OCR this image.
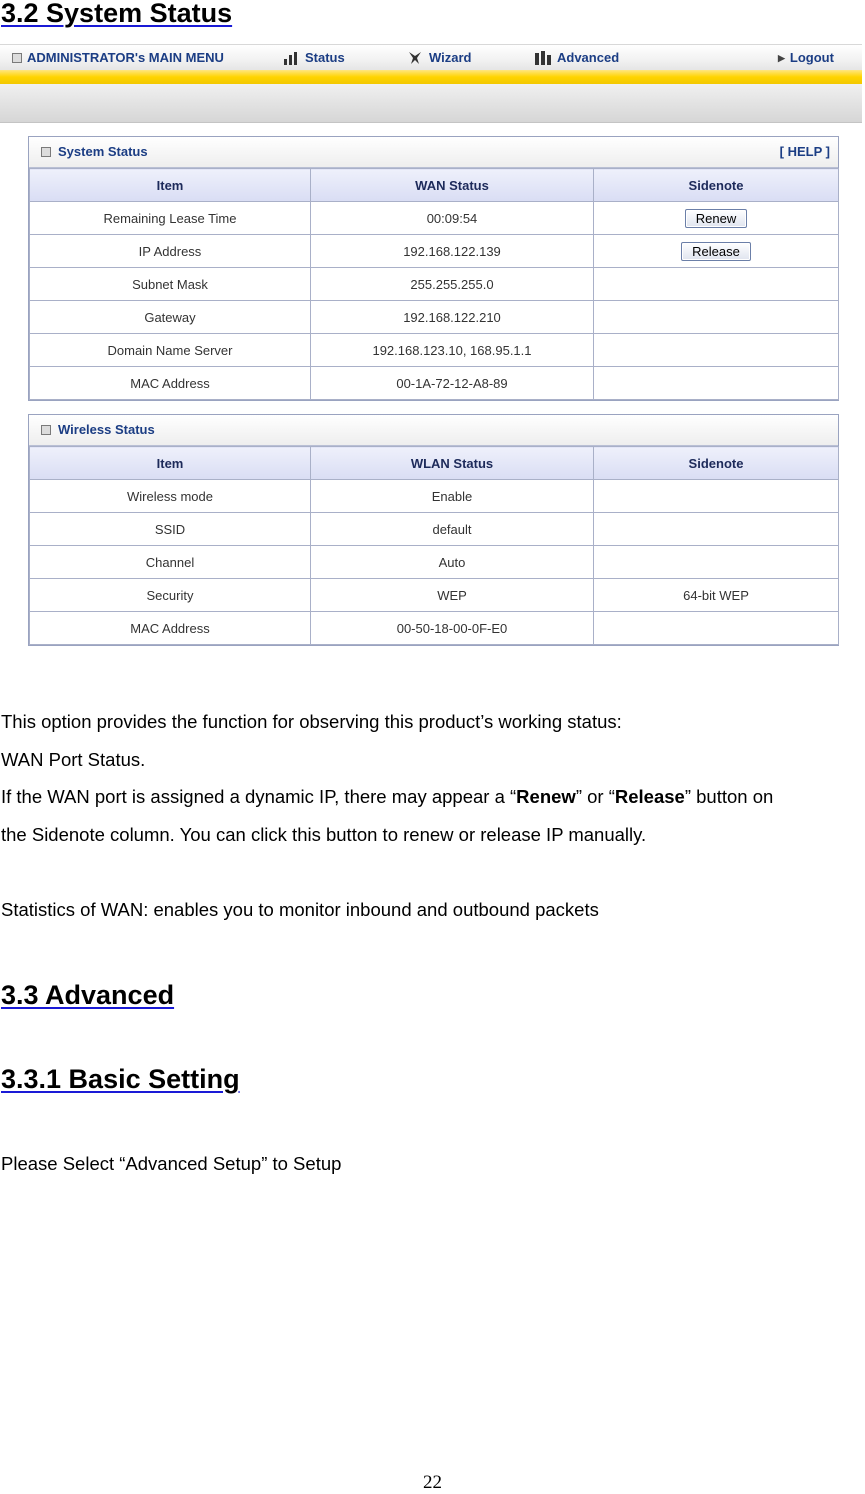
3.2 System Status
ADMINISTRATOR's MAIN MENU	Status	Wizard	Advanced	▶ Logout
System Status	[ HELP ]
Item	WAN Status	Sidenote
Remaining Lease Time	00:09:54	Renew
IP Address	192.168.122.139	Release
Subnet Mask	255.255.255.0	
Gateway	192.168.122.210	
Domain Name Server	192.168.123.10, 168.95.1.1	
MAC Address	00-1A-72-12-A8-89	
Wireless Status
Item	WLAN Status	Sidenote
Wireless mode	Enable	
SSID	default	
Channel	Auto	
Security	WEP	64-bit WEP
MAC Address	00-50-18-00-0F-E0	

This option provides the function for observing this product’s working status:

WAN Port Status.

If the WAN port is assigned a dynamic IP, there may appear a “Renew” or “Release” button on

the Sidenote column. You can click this button to renew or release IP manually.

Statistics of WAN: enables you to monitor inbound and outbound packets

3.3 Advanced
3.3.1 Basic Setting

Please Select “Advanced Setup” to Setup

22
